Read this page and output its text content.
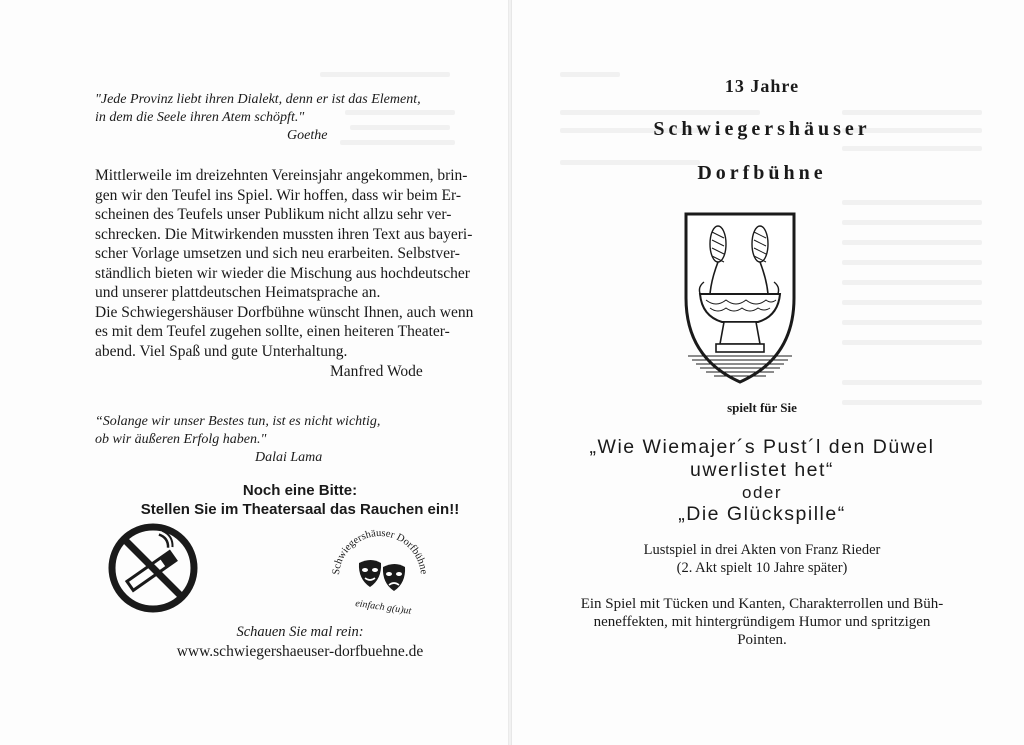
"Jede Provinz liebt ihren Dialekt, denn er ist das Element,
in dem die Seele ihren Atem schöpft."
Goethe
Mittlerweile im dreizehnten Vereinsjahr angekommen, brin-
gen wir den Teufel ins Spiel. Wir hoffen, dass wir beim Er-
scheinen des Teufels unser Publikum nicht allzu sehr ver-
schrecken. Die Mitwirkenden mussten ihren Text aus bayeri-
scher Vorlage umsetzen und sich neu erarbeiten. Selbstver-
ständlich bieten wir wieder die Mischung aus hochdeutscher
und unserer plattdeutschen Heimatsprache an.
Die Schwiegershäuser Dorfbühne wünscht Ihnen, auch wenn
es mit dem Teufel zugehen sollte, einen heiteren Theater-
abend. Viel Spaß und gute Unterhaltung.
Manfred Wode
“Solange wir unser Bestes tun, ist es nicht wichtig,
ob wir äußeren Erfolg haben."
Dalai Lama
Noch eine Bitte:
Stellen Sie im Theatersaal das Rauchen ein!!
Schwiegershäuser Dorfbühne
einfach g(u)ut
Schauen Sie mal rein:
www.schwiegershaeuser-dorfbuehne.de
13 Jahre
Schwiegershäuser
Dorfbühne
spielt für Sie
„Wie Wiemajer´s Pust´l den Düwel
uwerlistet het“
oder
„Die Glückspille“
Lustspiel in drei Akten von Franz Rieder
(2. Akt spielt 10 Jahre später)
Ein Spiel mit Tücken und Kanten, Charakterrollen und Büh-
neneffekten, mit hintergründigem Humor und spritzigen
Pointen.
